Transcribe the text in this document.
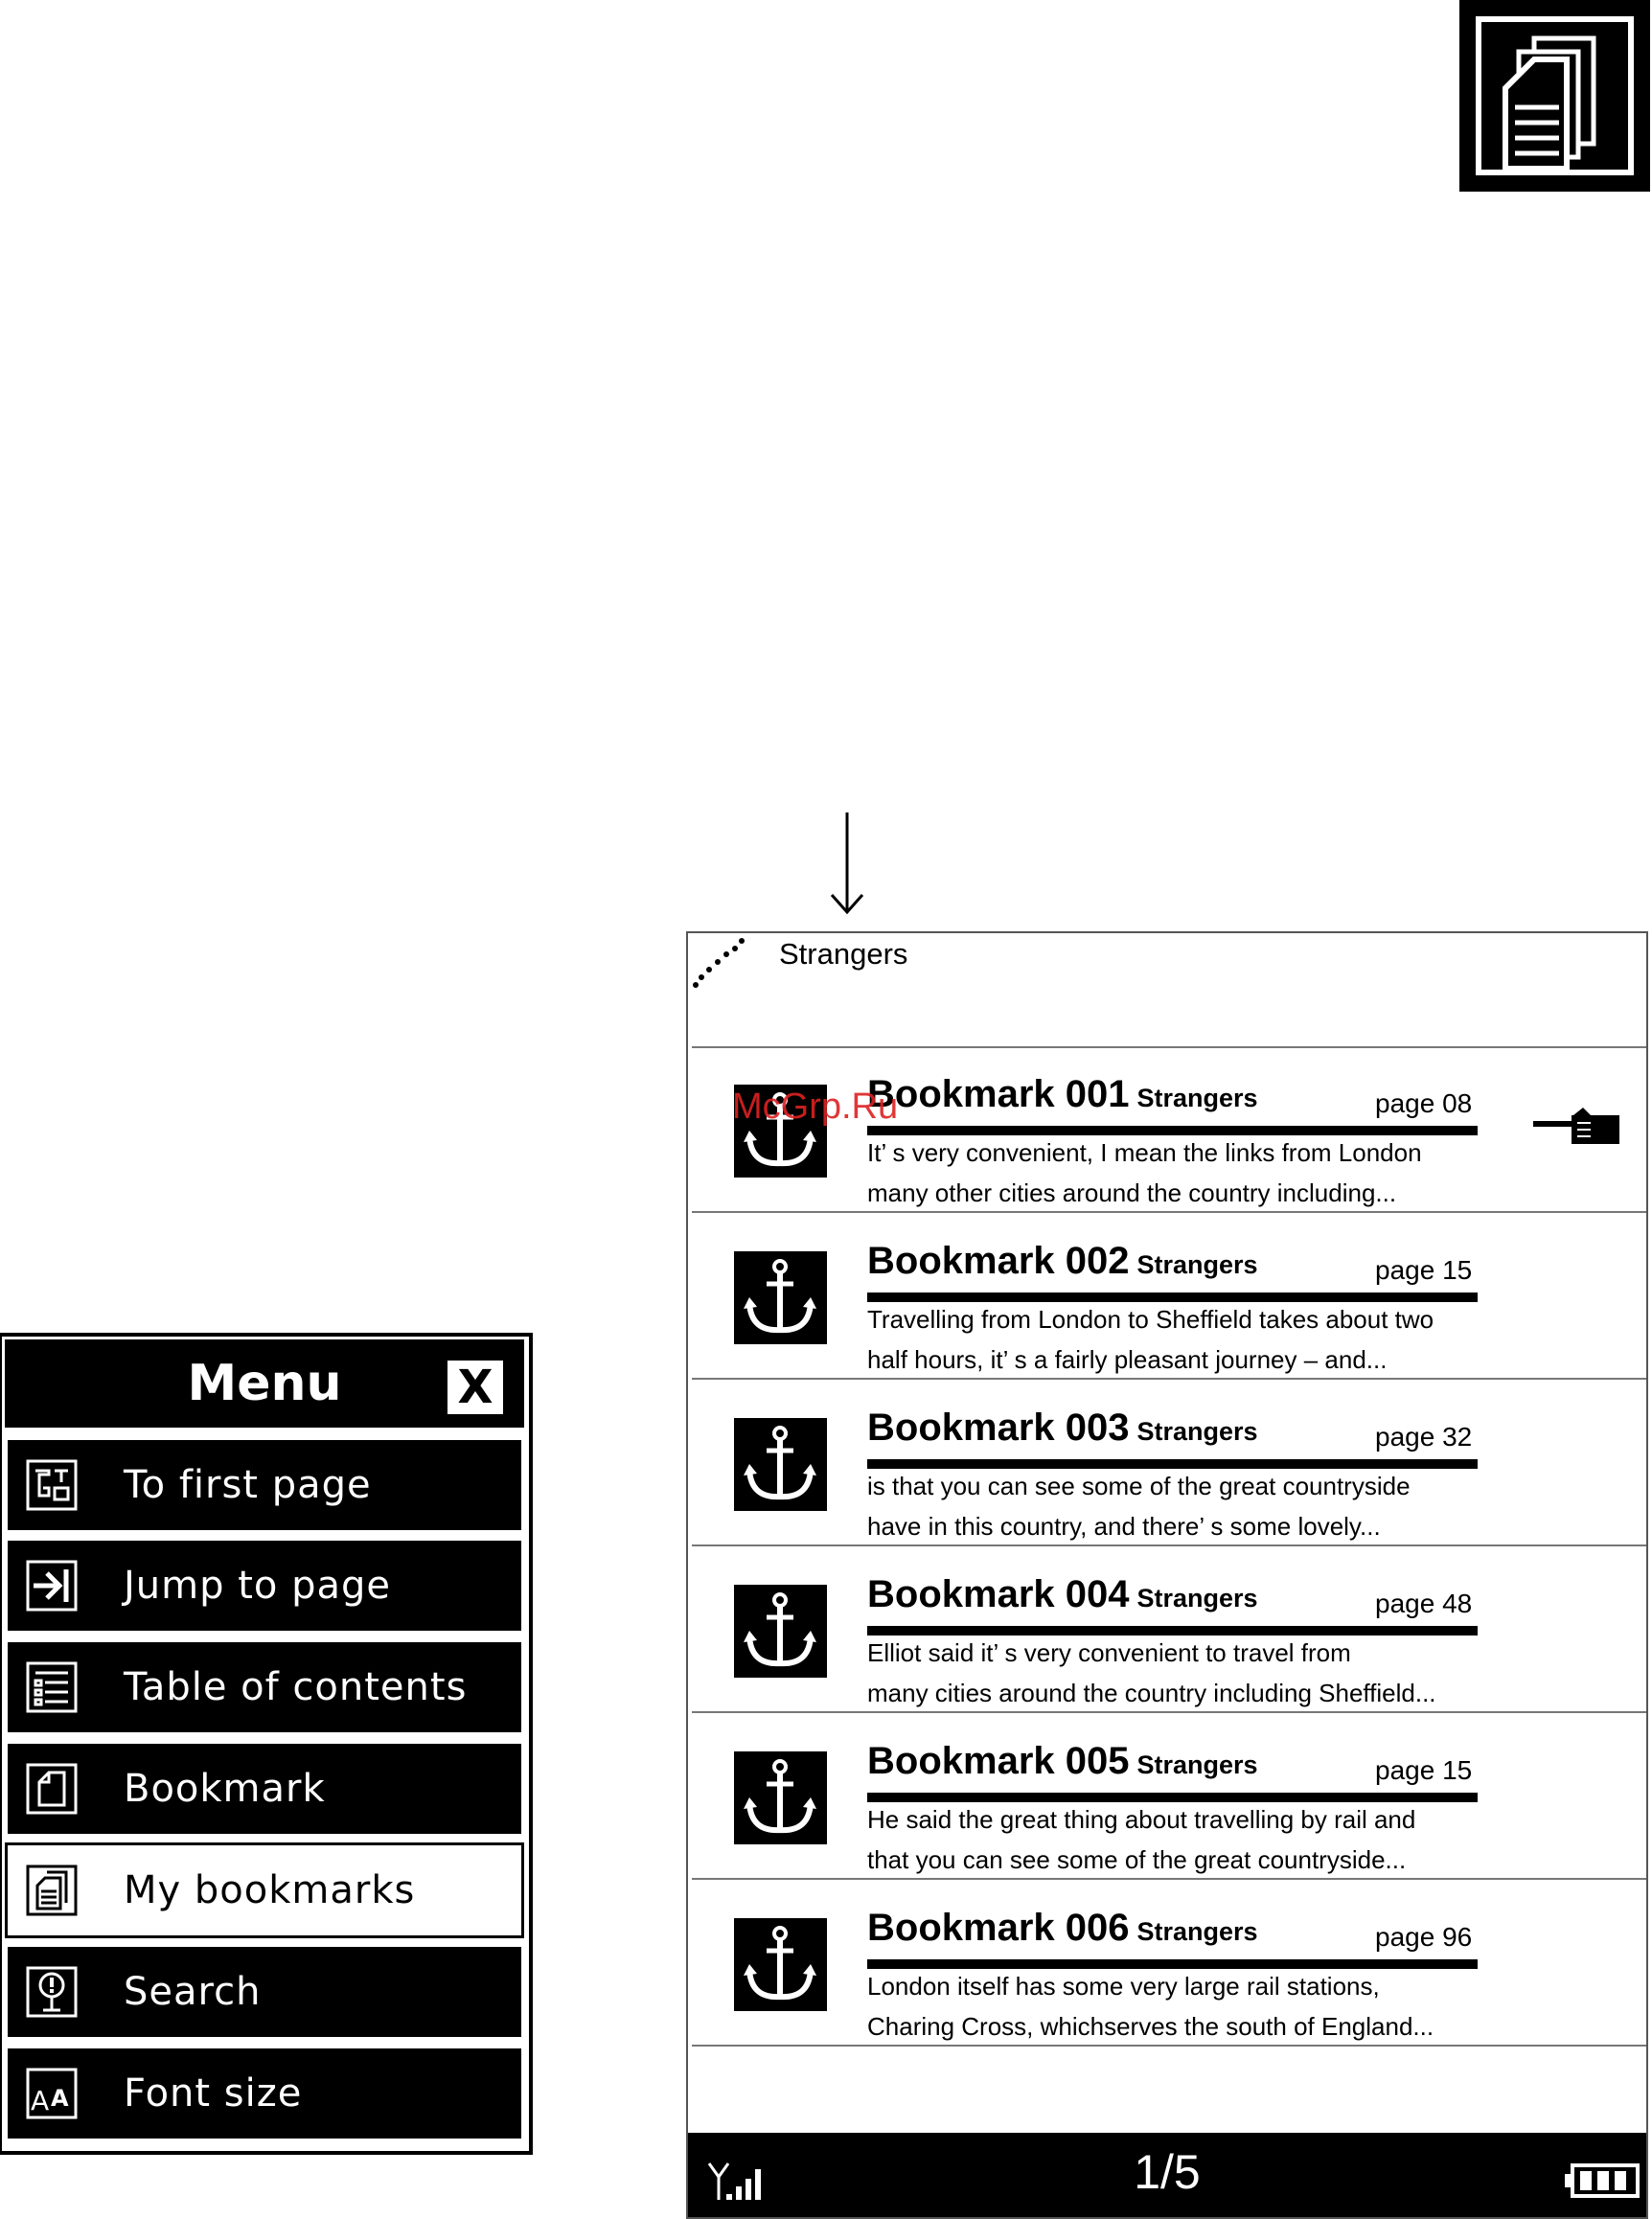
Menu	X
To first page
Jump to page
Table of contents
Bookmark
My bookmarks
Search
A A Font size
Strangers
Bookmark 001 Strangers	page 08
It’ s very convenient, I mean the links from London
many other cities around the country including...
Bookmark 002 Strangers	page 15
Travelling from London to Sheffield takes about two
half hours, it’ s a fairly pleasant journey – and...
Bookmark 003 Strangers	page 32
is that you can see some of the great countryside
have in this country, and there’ s some lovely...
Bookmark 004 Strangers	page 48
Elliot said it’ s very convenient to travel from
many cities around the country including Sheffield...
Bookmark 005 Strangers	page 15
He said the great thing about travelling by rail and
that you can see some of the great countryside...
Bookmark 006 Strangers	page 96
London itself has some very large rail stations,
Charing Cross, whichserves the south of England...
1/5
McGrp.Ru
